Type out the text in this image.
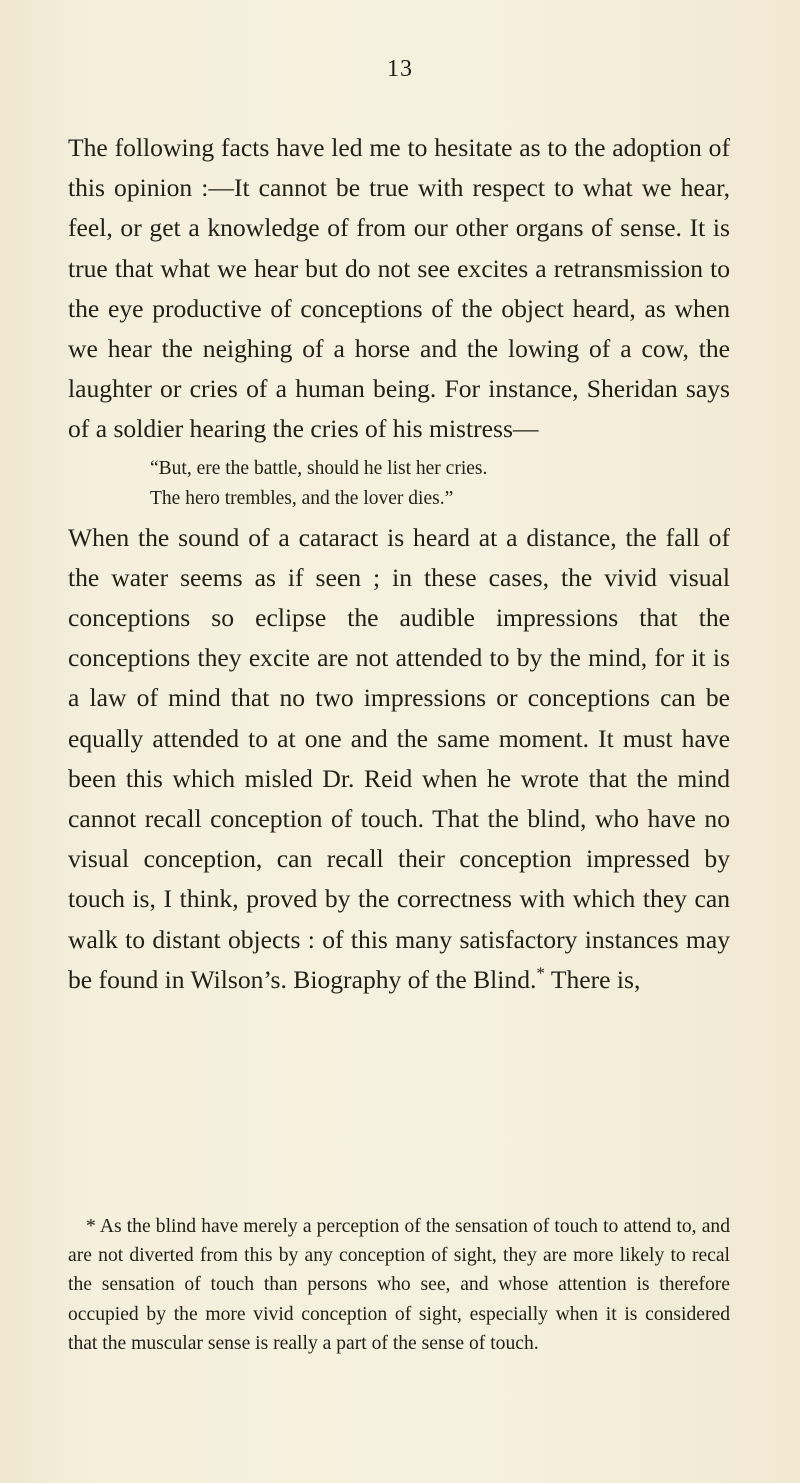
13

The following facts have led me to hesitate as to the adoption of this opinion :—It cannot be true with respect to what we hear, feel, or get a knowledge of from our other organs of sense. It is true that what we hear but do not see excites a retransmission to the eye productive of conceptions of the object heard, as when we hear the neighing of a horse and the lowing of a cow, the laughter or cries of a human being. For instance, Sheridan says of a soldier hearing the cries of his mistress—

“But, ere the battle, should he list her cries.
The hero trembles, and the lover dies.”

When the sound of a cataract is heard at a distance, the fall of the water seems as if seen ; in these cases, the vivid visual conceptions so eclipse the audible impressions that the conceptions they excite are not attended to by the mind, for it is a law of mind that no two impressions or conceptions can be equally attended to at one and the same moment. It must have been this which misled Dr. Reid when he wrote that the mind cannot recall conception of touch. That the blind, who have no visual conception, can recall their conception impressed by touch is, I think, proved by the correctness with which they can walk to distant objects : of this many satisfactory instances may be found in Wilson’s. Biography of the Blind.* There is,

* As the blind have merely a perception of the sensation of touch to attend to, and are not diverted from this by any conception of sight, they are more likely to recal the sensation of touch than persons who see, and whose attention is therefore occupied by the more vivid conception of sight, especially when it is considered that the muscular sense is really a part of the sense of touch.
